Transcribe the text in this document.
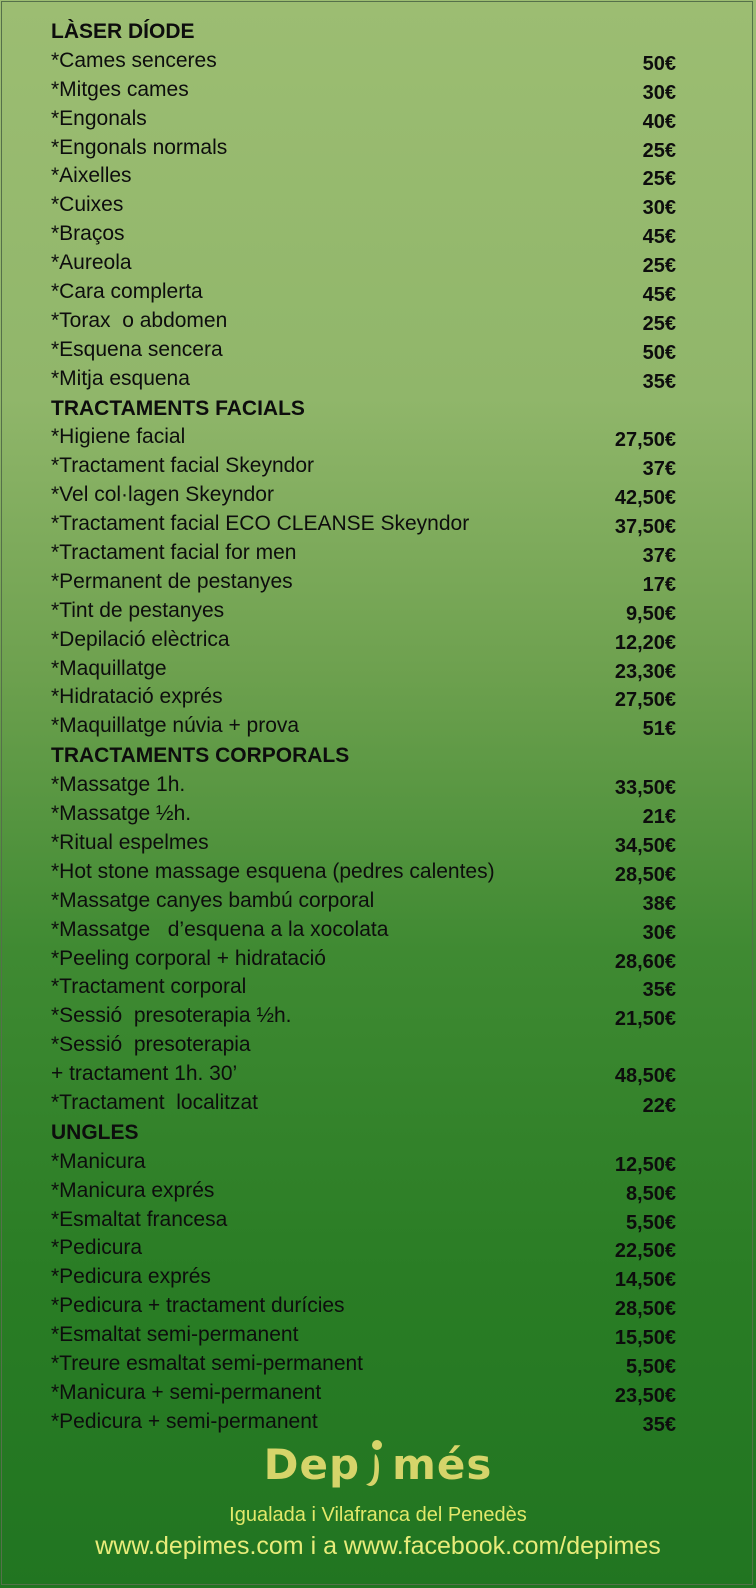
LÀSER DÍODE
*Cames senceres	50€
*Mitges cames	30€
*Engonals	40€
*Engonals normals	25€
*Aixelles	25€
*Cuixes	30€
*Braços	45€
*Aureola	25€
*Cara complerta	45€
*Torax  o abdomen	25€
*Esquena sencera	50€
*Mitja esquena	35€
TRACTAMENTS FACIALS
*Higiene facial	27,50€
*Tractament facial Skeyndor	37€
*Vel col·lagen Skeyndor	42,50€
*Tractament facial ECO CLEANSE Skeyndor	37,50€
*Tractament facial for men	37€
*Permanent de pestanyes	17€
*Tint de pestanyes	9,50€
*Depilació elèctrica	12,20€
*Maquillatge	23,30€
*Hidratació exprés	27,50€
*Maquillatge núvia + prova	51€
TRACTAMENTS CORPORALS
*Massatge 1h.	33,50€
*Massatge ½h.	21€
*Ritual espelmes	34,50€
*Hot stone massage esquena (pedres calentes)	28,50€
*Massatge canyes bambú corporal	38€
*Massatge   d’esquena a la xocolata	30€
*Peeling corporal + hidratació	28,60€
*Tractament corporal	35€
*Sessió  presoterapia ½h.	21,50€
*Sessió  presoterapia
+ tractament 1h. 30’	48,50€
*Tractament  localitzat	22€
UNGLES
*Manicura	12,50€
*Manicura exprés	8,50€
*Esmaltat francesa	5,50€
*Pedicura	22,50€
*Pedicura exprés	14,50€
*Pedicura + tractament durícies	28,50€
*Esmaltat semi-permanent	15,50€
*Treure esmaltat semi-permanent	5,50€
*Manicura + semi-permanent	23,50€
*Pedicura + semi-permanent	35€
Dep més
Igualada i Vilafranca del Penedès
www.depimes.com i a www.facebook.com/depimes
